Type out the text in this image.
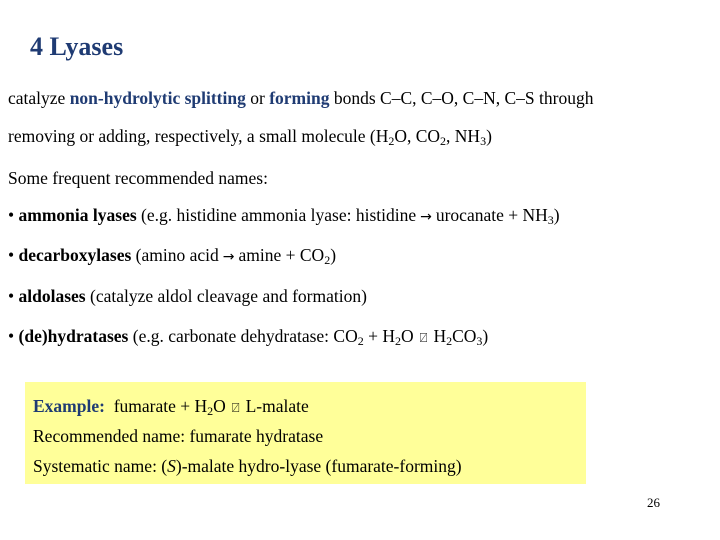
4 Lyases
catalyze non-hydrolytic splitting or forming bonds C–C, C–O, C–N, C–S through
removing or adding, respectively, a small molecule ($H_2O$, $CO_2$, $NH_3$)
Some frequent recommended names:
• ammonia lyases (e.g. histidine ammonia lyase: histidine → urocanate + $NH_3$)
• decarboxylases (amino acid → $amine + CO_2$)
• aldolases (catalyze aldol cleavage and formation)
• (de)hydratases (e.g. carbonate dehydratase: $CO_2 + H_2O$ ⍁ $H_2CO_3$)
Example: fumarate + $H_2O$ ⍁ L-malate
Recommended name: fumarate hydratase
Systematic name: (S)-malate hydro-lyase (fumarate-forming)
26
